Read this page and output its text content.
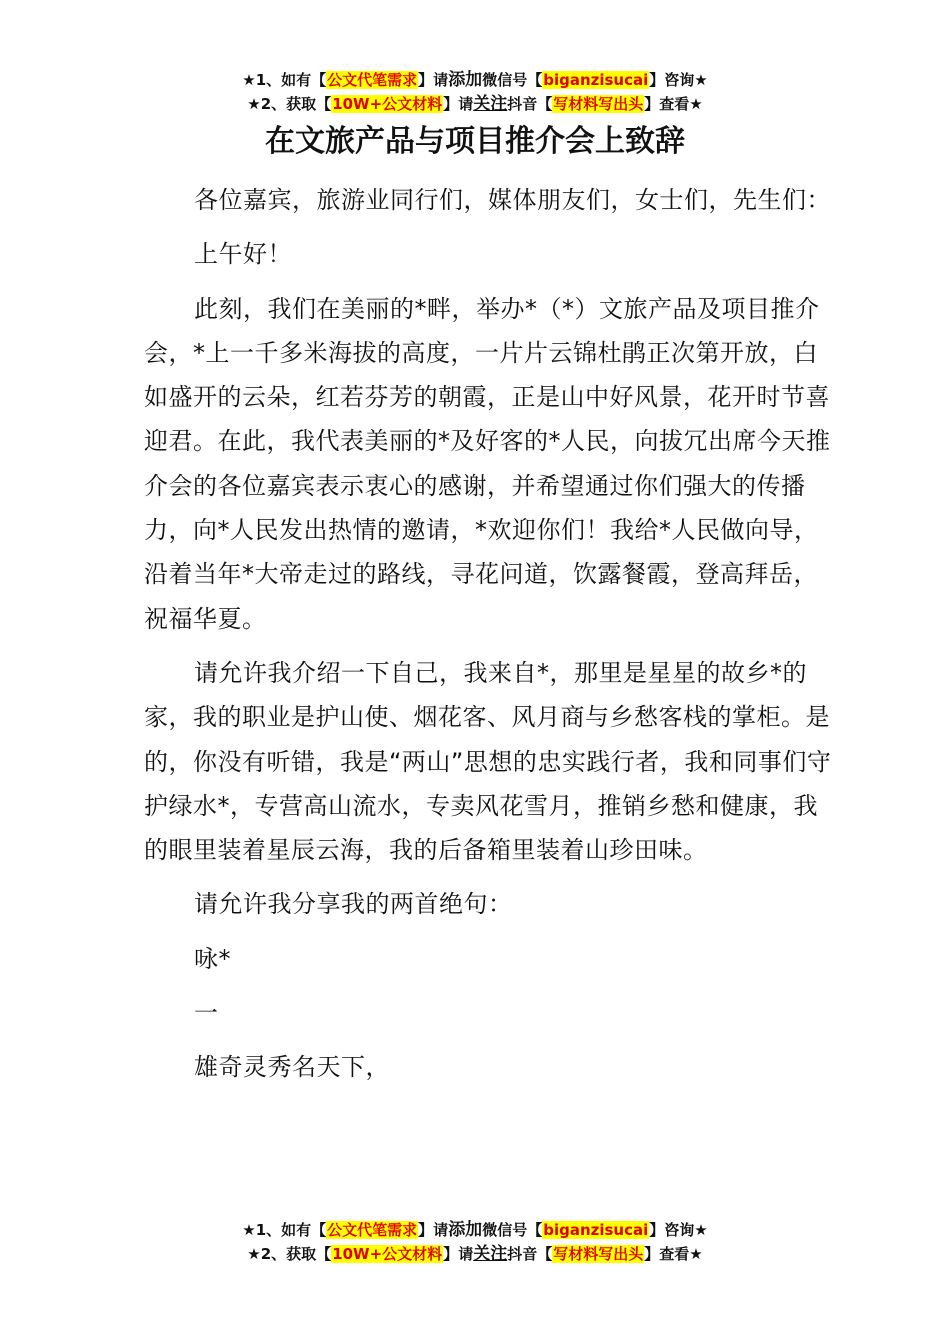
★1、如有【公文代笔需求】请添加微信号【biganzisucai】咨询★
★2、获取【10W+公文材料】请关注抖音【写材料写出头】查看★
在文旅产品与项目推介会上致辞

各位嘉宾，旅游业同行们，媒体朋友们，女士们，先生们：

上午好！

此刻，我们在美丽的*畔，举办*（*）文旅产品及项目推介会，*上一千多米海拔的高度，一片片云锦杜鹃正次第开放，白如盛开的云朵，红若芬芳的朝霞，正是山中好风景，花开时节喜迎君。在此，我代表美丽的*及好客的*人民，向拔冗出席今天推介会的各位嘉宾表示衷心的感谢，并希望通过你们强大的传播力，向*人民发出热情的邀请，*欢迎你们！我给*人民做向导，沿着当年*大帝走过的路线，寻花问道，饮露餐霞，登高拜岳，祝福华夏。

请允许我介绍一下自己，我来自*，那里是星星的故乡*的家，我的职业是护山使、烟花客、风月商与乡愁客栈的掌柜。是的，你没有听错，我是“两山”思想的忠实践行者，我和同事们守护绿水*，专营高山流水，专卖风花雪月，推销乡愁和健康，我的眼里装着星辰云海，我的后备箱里装着山珍田味。

请允许我分享我的两首绝句：

咏*

一

雄奇灵秀名天下，

★1、如有【公文代笔需求】请添加微信号【biganzisucai】咨询★
★2、获取【10W+公文材料】请关注抖音【写材料写出头】查看★
